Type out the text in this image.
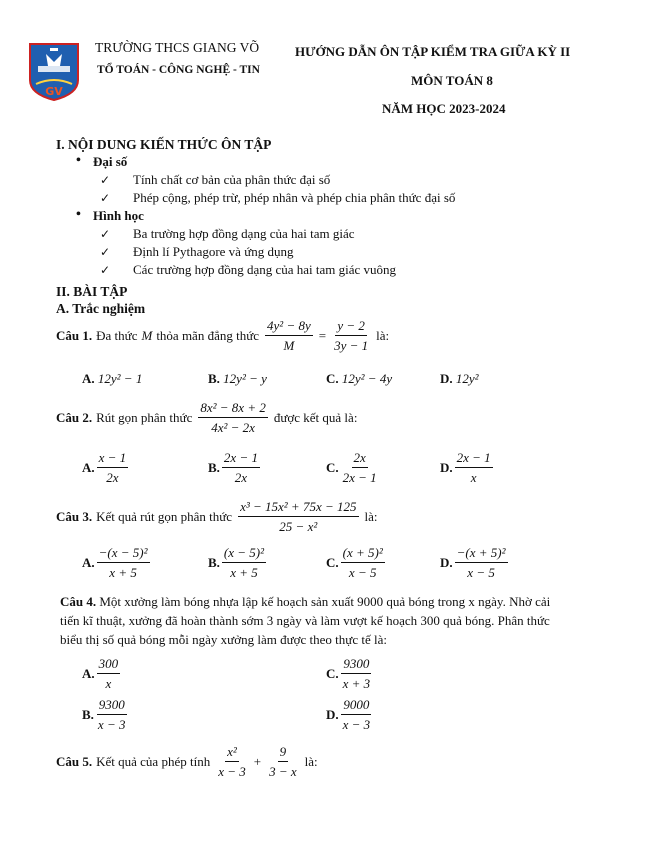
GV
TRƯỜNG THCS GIANG VÕ
TỔ TOÁN - CÔNG NGHỆ - TIN
HƯỚNG DẪN ÔN TẬP KIỂM TRA GIỮA KỲ II
MÔN TOÁN 8
NĂM HỌC 2023-2024
I. NỘI DUNG KIẾN THỨC ÔN TẬP
• Đại số
✓ Tính chất cơ bản của phân thức đại số
✓ Phép cộng, phép trừ, phép nhân và phép chia phân thức đại số
• Hình học
✓ Ba trường hợp đồng dạng của hai tam giác
✓ Định lí Pythagore và ứng dụng
✓ Các trường hợp đồng dạng của hai tam giác vuông
II. BÀI TẬP
A. Trắc nghiệm
Câu 1. Đa thức M thỏa mãn đẳng thức $\frac{\text{4y² − 8y}}{M} = \frac{y - 2}{3y - 1}$ là:
A. 12y² − 1	B. 12y² − y	C. 12y² − 4y	D. 12y²
Câu 2. Rút gọn phân thức $\frac{\text{8x² − 8x + 2}}{\text{4x² − 2x}}$ được kết quả là:
A. $\frac{x - 1}{2x}$	B. $\frac{2x - 1}{2x}$	C. $\frac{2x}{2x - 1}$	D. $\frac{2x - 1}{x}$
Câu 3. Kết quả rút gọn phân thức $\frac{\text{x³ − 15x² + 75x − 125}}{\text{25 − x²}}$ là:
A. $\frac{\text{−(x − 5)²}}{x + 5}$	B. $\frac{\text{(x − 5)²}}{x + 5}$	C. $\frac{\text{(x + 5)²}}{x - 5}$	D. $\frac{\text{−(x + 5)²}}{x - 5}$
Câu 4. Một xưởng làm bóng nhựa lập kế hoạch sản xuất 9000 quả bóng trong x ngày. Nhờ cải
tiến kĩ thuật, xưởng đã hoàn thành sớm 3 ngày và làm vượt kế hoạch 300 quả bóng. Phân thức
biểu thị số quả bóng mỗi ngày xưởng làm được theo thực tế là:
A. $\frac{300}{x}$	C. $\frac{9300}{x + 3}$
B. $\frac{9300}{x - 3}$	D. $\frac{9000}{x - 3}$
Câu 5. Kết quả của phép tính $\frac{\text{x²}}{x - 3} + \frac{9}{3 - x}$ là:
